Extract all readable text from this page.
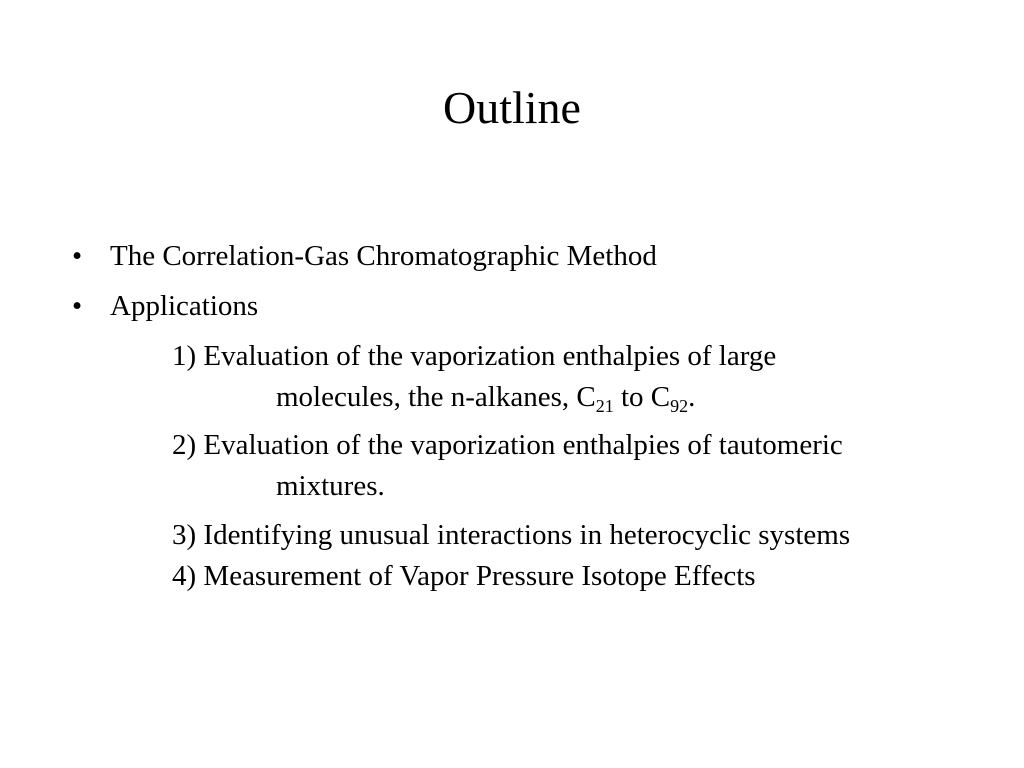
Outline
• The Correlation-Gas Chromatographic Method
• Applications
1) Evaluation of the vaporization enthalpies of large
molecules, the n-alkanes, $C_{21}$ to $C_{92}$.
2) Evaluation of the vaporization enthalpies of tautomeric
mixtures.
3) Identifying unusual interactions in heterocyclic systems
4) Measurement of Vapor Pressure Isotope Effects
